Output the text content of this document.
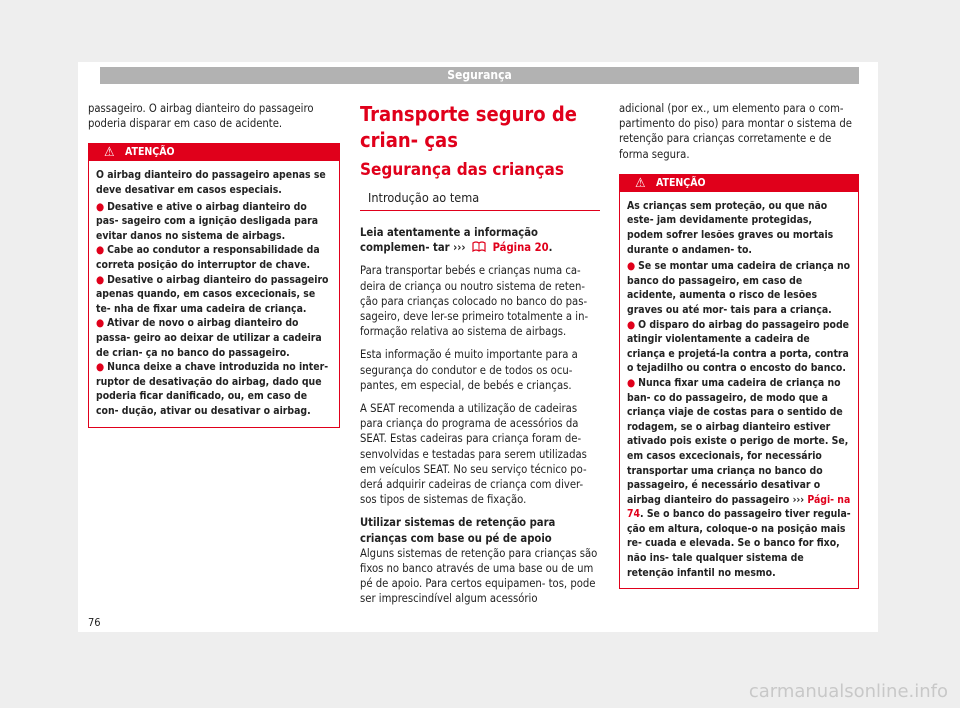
Segurança

passageiro. O airbag dianteiro do passageiro poderia disparar em caso de acidente.

⚠ ATENÇÃO
O airbag dianteiro do passageiro apenas se deve desativar em casos especiais.
● Desative e ative o airbag dianteiro do pas- sageiro com a ignição desligada para evitar danos no sistema de airbags.
● Cabe ao condutor a responsabilidade da correta posição do interruptor de chave.
● Desative o airbag dianteiro do passageiro apenas quando, em casos excecionais, se te- nha de fixar uma cadeira de criança.
● Ativar de novo o airbag dianteiro do passa- geiro ao deixar de utilizar a cadeira de crian- ça no banco do passageiro.
● Nunca deixe a chave introduzida no inter- ruptor de desativação do airbag, dado que poderia ficar danificado, ou, em caso de con- dução, ativar ou desativar o airbag.
Transporte seguro de crian- ças
Segurança das crianças
Introdução ao tema

Leia atentamente a informação complemen- tar ››› Página 20.

Para transportar bebés e crianças numa ca- deira de criança ou noutro sistema de reten- ção para crianças colocado no banco do pas- sageiro, deve ler-se primeiro totalmente a in- formação relativa ao sistema de airbags.

Esta informação é muito importante para a segurança do condutor e de todos os ocu- pantes, em especial, de bebés e crianças.

A SEAT recomenda a utilização de cadeiras para criança do programa de acessórios da SEAT. Estas cadeiras para criança foram de- senvolvidas e testadas para serem utilizadas em veículos SEAT. No seu serviço técnico po- derá adquirir cadeiras de criança com diver- sos tipos de sistemas de fixação.

Utilizar sistemas de retenção para crianças com base ou pé de apoio

Alguns sistemas de retenção para crianças são fixos no banco através de uma base ou de um pé de apoio. Para certos equipamen- tos, pode ser imprescindível algum acessório

adicional (por ex., um elemento para o com- partimento do piso) para montar o sistema de retenção para crianças corretamente e de forma segura.

⚠ ATENÇÃO
As crianças sem proteção, ou que não este- jam devidamente protegidas, podem sofrer lesões graves ou mortais durante o andamen- to.
● Se se montar uma cadeira de criança no banco do passageiro, em caso de acidente, aumenta o risco de lesões graves ou até mor- tais para a criança.
● O disparo do airbag do passageiro pode atingir violentamente a cadeira de criança e projetá-la contra a porta, contra o tejadilho ou contra o encosto do banco.
● Nunca fixar uma cadeira de criança no ban- co do passageiro, de modo que a criança viaje de costas para o sentido de rodagem, se o airbag dianteiro estiver ativado pois existe o perigo de morte. Se, em casos excecionais, for necessário transportar uma criança no banco do passageiro, é necessário desativar o airbag dianteiro do passageiro ››› Pági- na 74. Se o banco do passageiro tiver regula- ção em altura, coloque-o na posição mais re- cuada e elevada. Se o banco for fixo, não ins- tale qualquer sistema de retenção infantil no mesmo.
76
carmanualsonline.info
